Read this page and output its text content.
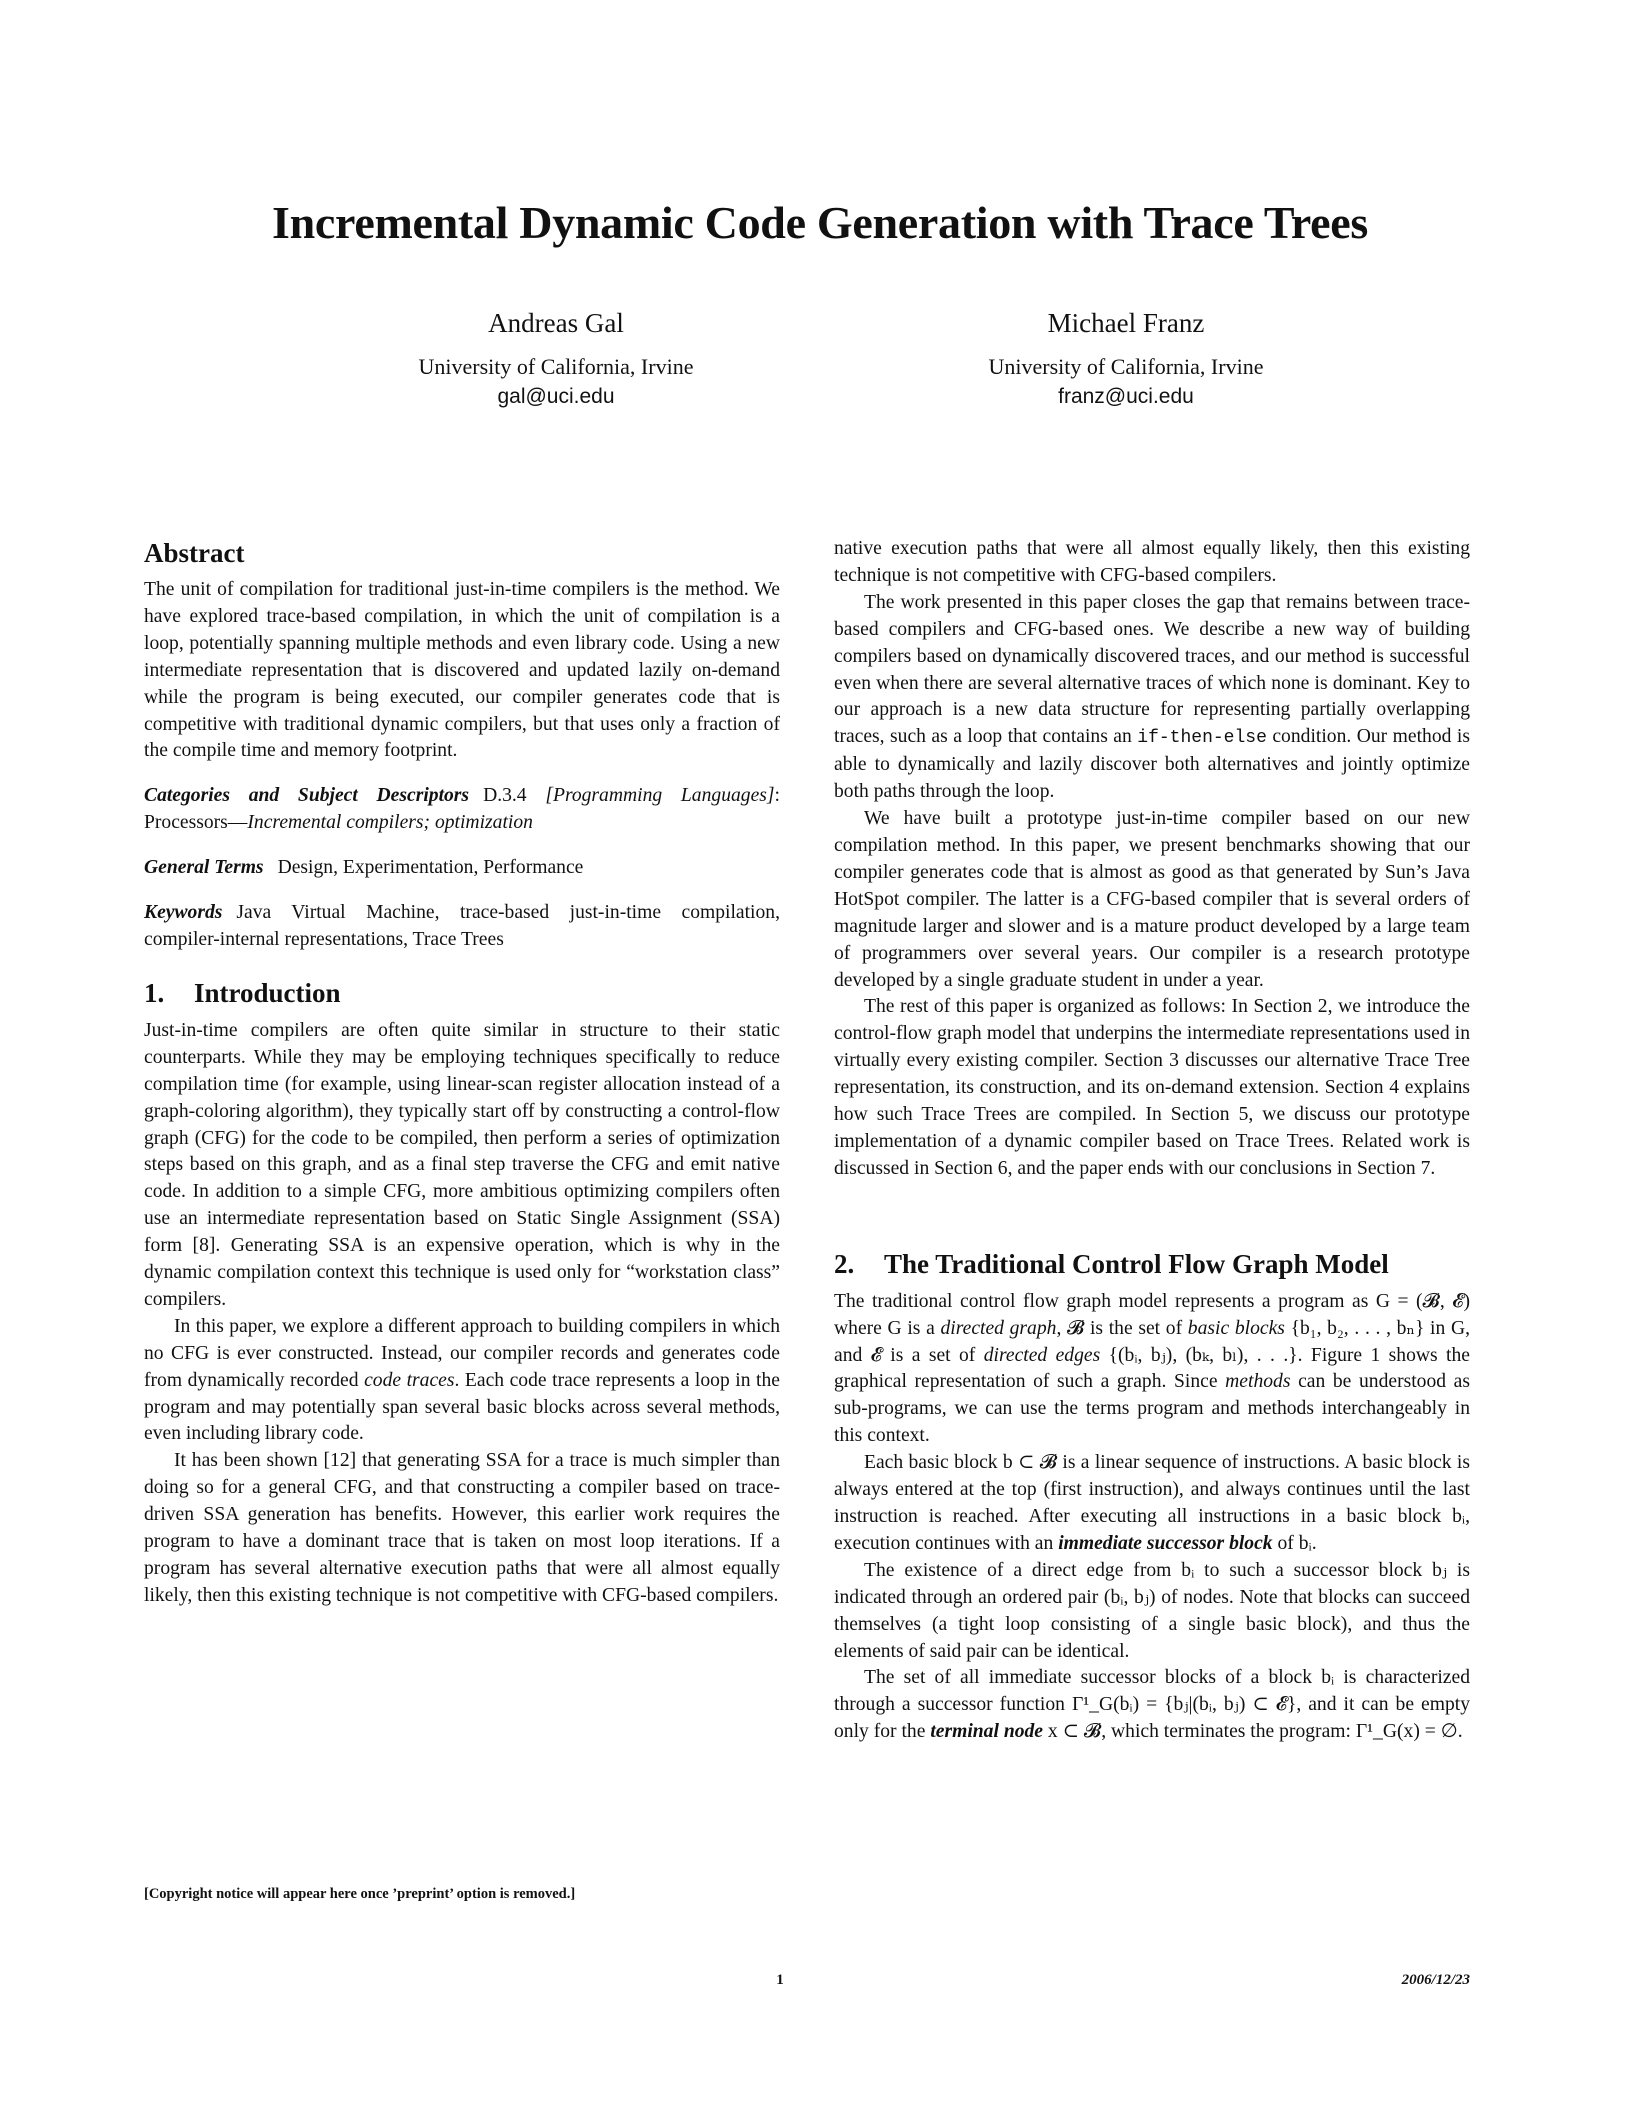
Incremental Dynamic Code Generation with Trace Trees
Andreas Gal
University of California, Irvine
gal@uci.edu
Michael Franz
University of California, Irvine
franz@uci.edu
Abstract

The unit of compilation for traditional just-in-time compilers is the method. We have explored trace-based compilation, in which the unit of compilation is a loop, potentially spanning multiple methods and even library code. Using a new intermediate representation that is discovered and updated lazily on-demand while the program is being executed, our compiler generates code that is competitive with traditional dynamic compilers, but that uses only a fraction of the compile time and memory footprint.

Categories and Subject Descriptors D.3.4 [Programming Languages]: Processors—Incremental compilers; optimization

General Terms Design, Experimentation, Performance

Keywords Java Virtual Machine, trace-based just-in-time compilation, compiler-internal representations, Trace Trees

1. Introduction

Just-in-time compilers are often quite similar in structure to their static counterparts. While they may be employing techniques specifically to reduce compilation time (for example, using linear-scan register allocation instead of a graph-coloring algorithm), they typically start off by constructing a control-flow graph (CFG) for the code to be compiled, then perform a series of optimization steps based on this graph, and as a final step traverse the CFG and emit native code. In addition to a simple CFG, more ambitious optimizing compilers often use an intermediate representation based on Static Single Assignment (SSA) form [8]. Generating SSA is an expensive operation, which is why in the dynamic compilation context this technique is used only for “workstation class” compilers.

In this paper, we explore a different approach to building compilers in which no CFG is ever constructed. Instead, our compiler records and generates code from dynamically recorded code traces. Each code trace represents a loop in the program and may potentially span several basic blocks across several methods, even including library code.

It has been shown [12] that generating SSA for a trace is much simpler than doing so for a general CFG, and that constructing a compiler based on trace-driven SSA generation has benefits. However, this earlier work requires the program to have a dominant trace that is taken on most loop iterations. If a program has several alternative execution paths that were all almost equally likely, then this existing technique is not competitive with CFG-based compilers.

native execution paths that were all almost equally likely, then this existing technique is not competitive with CFG-based compilers.

The work presented in this paper closes the gap that remains between trace-based compilers and CFG-based ones. We describe a new way of building compilers based on dynamically discovered traces, and our method is successful even when there are several alternative traces of which none is dominant. Key to our approach is a new data structure for representing partially overlapping traces, such as a loop that contains an if-then-else condition. Our method is able to dynamically and lazily discover both alternatives and jointly optimize both paths through the loop.

We have built a prototype just-in-time compiler based on our new compilation method. In this paper, we present benchmarks showing that our compiler generates code that is almost as good as that generated by Sun’s Java HotSpot compiler. The latter is a CFG-based compiler that is several orders of magnitude larger and slower and is a mature product developed by a large team of programmers over several years. Our compiler is a research prototype developed by a single graduate student in under a year.

The rest of this paper is organized as follows: In Section 2, we introduce the control-flow graph model that underpins the intermediate representations used in virtually every existing compiler. Section 3 discusses our alternative Trace Tree representation, its construction, and its on-demand extension. Section 4 explains how such Trace Trees are compiled. In Section 5, we discuss our prototype implementation of a dynamic compiler based on Trace Trees. Related work is discussed in Section 6, and the paper ends with our conclusions in Section 7.

2. The Traditional Control Flow Graph Model

The traditional control flow graph model represents a program as G = (𝓑, 𝓔) where G is a directed graph, 𝓑 is the set of basic blocks {b₁, b₂, . . . , bₙ} in G, and 𝓔 is a set of directed edges {(bᵢ, bⱼ), (bₖ, bₗ), . . .}. Figure 1 shows the graphical representation of such a graph. Since methods can be understood as sub-programs, we can use the terms program and methods interchangeably in this context.

Each basic block b ⊂ 𝓑 is a linear sequence of instructions. A basic block is always entered at the top (first instruction), and always continues until the last instruction is reached. After executing all instructions in a basic block bᵢ, execution continues with an immediate successor block of bᵢ.

The existence of a direct edge from bᵢ to such a successor block bⱼ is indicated through an ordered pair (bᵢ, bⱼ) of nodes. Note that blocks can succeed themselves (a tight loop consisting of a single basic block), and thus the elements of said pair can be identical.

The set of all immediate successor blocks of a block bᵢ is characterized through a successor function Γ¹_G(bᵢ) = {bⱼ|(bᵢ, bⱼ) ⊂ 𝓔}, and it can be empty only for the terminal node x ⊂ 𝓑, which terminates the program: Γ¹_G(x) = ∅.

[Copyright notice will appear here once ’preprint’ option is removed.]
1	2006/12/23
